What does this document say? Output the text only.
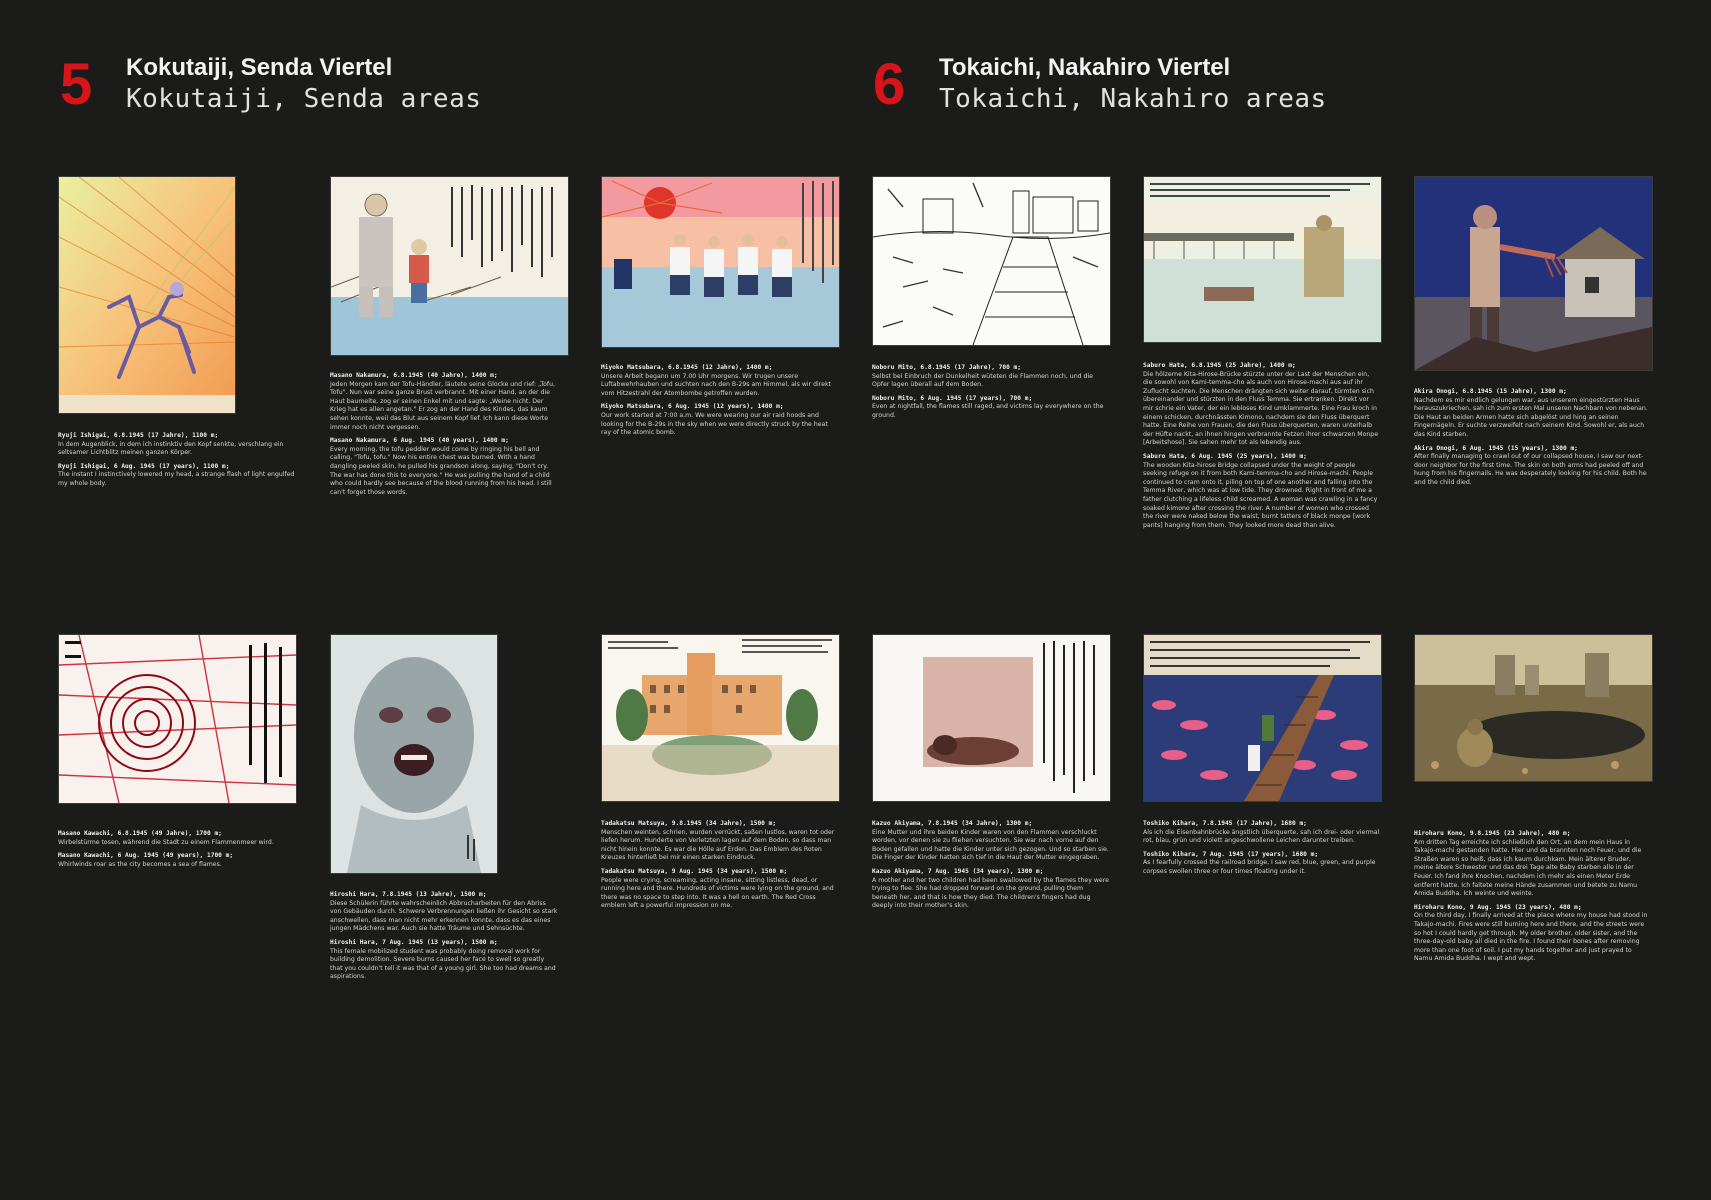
5 Kokutaiji, Senda Viertel
Kokutaiji, Senda areas	6 Tokaichi, Nakahiro Viertel
Tokaichi, Nakahiro areas

Ryuji Ishigai, 6.8.1945 (17 Jahre), 1100 m;
In dem Augenblick, in dem ich instinktiv den Kopf senkte, verschlang ein seltsamer Lichtblitz meinen ganzen Körper.

Ryuji Ishigai, 6 Aug. 1945 (17 years), 1100 m;
The instant I instinctively lowered my head, a strange flash of light engulfed my whole body.

Masano Nakamura, 6.8.1945 (40 Jahre), 1400 m;
Jeden Morgen kam der Tofu-Händler, läutete seine Glocke und rief: „Tofu, Tofu". Nun war seine ganze Brust verbrannt. Mit einer Hand, an der die Haut baumelte, zog er seinen Enkel mit und sagte: „Weine nicht. Der Krieg hat es allen angetan." Er zog an der Hand des Kindes, das kaum sehen konnte, weil das Blut aus seinem Kopf lief. Ich kann diese Worte immer noch nicht vergessen.

Masano Nakamura, 6 Aug. 1945 (40 years), 1400 m;
Every morning, the tofu peddler would come by ringing his bell and calling, "Tofu, tofu." Now his entire chest was burned. With a hand dangling peeled skin, he pulled his grandson along, saying, "Don't cry. The war has done this to everyone." He was pulling the hand of a child who could hardly see because of the blood running from his head. I still can't forget those words.

Miyoko Matsubara, 6.8.1945 (12 Jahre), 1400 m;
Unsere Arbeit begann um 7.00 Uhr morgens. Wir trugen unsere Luftabwehrhauben und suchten nach den B-29s am Himmel, als wir direkt vom Hitzestrahl der Atombombe getroffen wurden.

Miyoko Matsubara, 6 Aug. 1945 (12 years), 1400 m;
Our work started at 7:00 a.m. We were wearing our air raid hoods and looking for the B-29s in the sky when we were directly struck by the heat ray of the atomic bomb.

Noboru Mito, 6.8.1945 (17 Jahre), 700 m;
Selbst bei Einbruch der Dunkelheit wüteten die Flammen noch, und die Opfer lagen überall auf dem Boden.

Noboru Mito, 6 Aug. 1945 (17 years), 700 m;
Even at nightfall, the flames still raged, and victims lay everywhere on the ground.

Saburo Hata, 6.8.1945 (25 Jahre), 1400 m;
Die hölzerne Kita-Hirose-Brücke stürzte unter der Last der Menschen ein, die sowohl von Kami-temma-cho als auch von Hirose-machi aus auf ihr Zuflucht suchten. Die Menschen drängten sich weiter darauf, türmten sich übereinander und stürzten in den Fluss Temma. Sie ertranken. Direkt vor mir schrie ein Vater, der ein lebloses Kind umklammerte. Eine Frau kroch in einem schicken, durchnässten Kimono, nachdem sie den Fluss überquert hatte. Eine Reihe von Frauen, die den Fluss überquerten, waren unterhalb der Hüfte nackt, an ihnen hingen verbrannte Fetzen ihrer schwarzen Monpe [Arbeitshose]. Sie sahen mehr tot als lebendig aus.

Saburo Hata, 6 Aug. 1945 (25 years), 1400 m;
The wooden Kita-hirose Bridge collapsed under the weight of people seeking refuge on it from both Kami-temma-cho and Hirose-machi. People continued to cram onto it, piling on top of one another and falling into the Temma River, which was at low tide. They drowned. Right in front of me a father clutching a lifeless child screamed. A woman was crawling in a fancy soaked kimono after crossing the river. A number of women who crossed the river were naked below the waist, burnt tatters of black monpe [work pants] hanging from them. They looked more dead than alive.

Akira Onogi, 6.8.1945 (15 Jahre), 1300 m;
Nachdem es mir endlich gelungen war, aus unserem eingestürzten Haus herauszukriechen, sah ich zum ersten Mal unseren Nachbarn von nebenan. Die Haut an beiden Armen hatte sich abgelöst und hing an seinen Fingernägeln. Er suchte verzweifelt nach seinem Kind. Sowohl er, als auch das Kind starben.

Akira Onogi, 6 Aug. 1945 (15 years), 1300 m;
After finally managing to crawl out of our collapsed house, I saw our next-door neighbor for the first time. The skin on both arms had peeled off and hung from his fingernails. He was desperately looking for his child. Both he and the child died.

Masano Kawachi, 6.8.1945 (49 Jahre), 1700 m;
Wirbelstürme tosen, während die Stadt zu einem Flammenmeer wird.

Masano Kawachi, 6 Aug. 1945 (49 years), 1700 m;
Whirlwinds roar as the city becomes a sea of flames.

Hiroshi Hara, 7.8.1945 (13 Jahre), 1500 m;
Diese Schülerin führte wahrscheinlich Abbrucharbeiten für den Abriss von Gebäuden durch. Schwere Verbrennungen ließen ihr Gesicht so stark anschwellen, dass man nicht mehr erkennen konnte, dass es das eines jungen Mädchens war. Auch sie hatte Träume und Sehnsüchte.

Hiroshi Hara, 7 Aug. 1945 (13 years), 1500 m;
This female mobilized student was probably doing removal work for building demolition. Severe burns caused her face to swell so greatly that you couldn't tell it was that of a young girl. She too had dreams and aspirations.

Tadakatsu Matsuya, 9.8.1945 (34 Jahre), 1500 m;
Menschen weinten, schrien, wurden verrückt, saßen lustlos, waren tot oder liefen herum. Hunderte von Verletzten lagen auf dem Boden, so dass man nicht hinein konnte. Es war die Hölle auf Erden. Das Emblem des Roten Kreuzes hinterließ bei mir einen starken Eindruck.

Tadakatsu Matsuya, 9 Aug. 1945 (34 years), 1500 m;
People were crying, screaming, acting insane, sitting listless, dead, or running here and there. Hundreds of victims were lying on the ground, and there was no space to step into. It was a hell on earth. The Red Cross emblem left a powerful impression on me.

Kazuo Akiyama, 7.8.1945 (34 Jahre), 1300 m;
Eine Mutter und ihre beiden Kinder waren von den Flammen verschluckt worden, vor denen sie zu fliehen versuchten. Sie war nach vorne auf den Boden gefallen und hatte die Kinder unter sich gezogen. Und so starben sie. Die Finger der Kinder hatten sich tief in die Haut der Mutter eingegraben.

Kazuo Akiyama, 7 Aug. 1945 (34 years), 1300 m;
A mother and her two children had been swallowed by the flames they were trying to flee. She had dropped forward on the ground, pulling them beneath her, and that is how they died. The children's fingers had dug deeply into their mother's skin.

Toshiko Kihara, 7.8.1945 (17 Jahre), 1680 m;
Als ich die Eisenbahnbrücke ängstlich überquerte, sah ich drei- oder viermal rot, blau, grün und violett angeschwollene Leichen darunter treiben.

Toshiko Kihara, 7 Aug. 1945 (17 years), 1680 m;
As I fearfully crossed the railroad bridge, I saw red, blue, green, and purple corpses swollen three or four times floating under it.

Hiroharu Kono, 9.8.1945 (23 Jahre), 480 m;
Am dritten Tag erreichte ich schließlich den Ort, an dem mein Haus in Takajo-machi gestanden hatte. Hier und da brannten noch Feuer, und die Straßen waren so heiß, dass ich kaum durchkam. Mein älterer Bruder, meine ältere Schwester und das drei Tage alte Baby starben alle in der Feuer. Ich fand ihre Knochen, nachdem ich mehr als einen Meter Erde entfernt hatte. Ich faltete meine Hände zusammen und betete zu Namu Amida Buddha. Ich weinte und weinte.

Hiroharu Kono, 9 Aug. 1945 (23 years), 480 m;
On the third day, I finally arrived at the place where my house had stood in Takajo-machi. Fires were still burning here and there, and the streets were so hot I could hardly get through. My older brother, older sister, and the three-day-old baby all died in the fire. I found their bones after removing more than one foot of soil. I put my hands together and just prayed to Namu Amida Buddha. I wept and wept.
